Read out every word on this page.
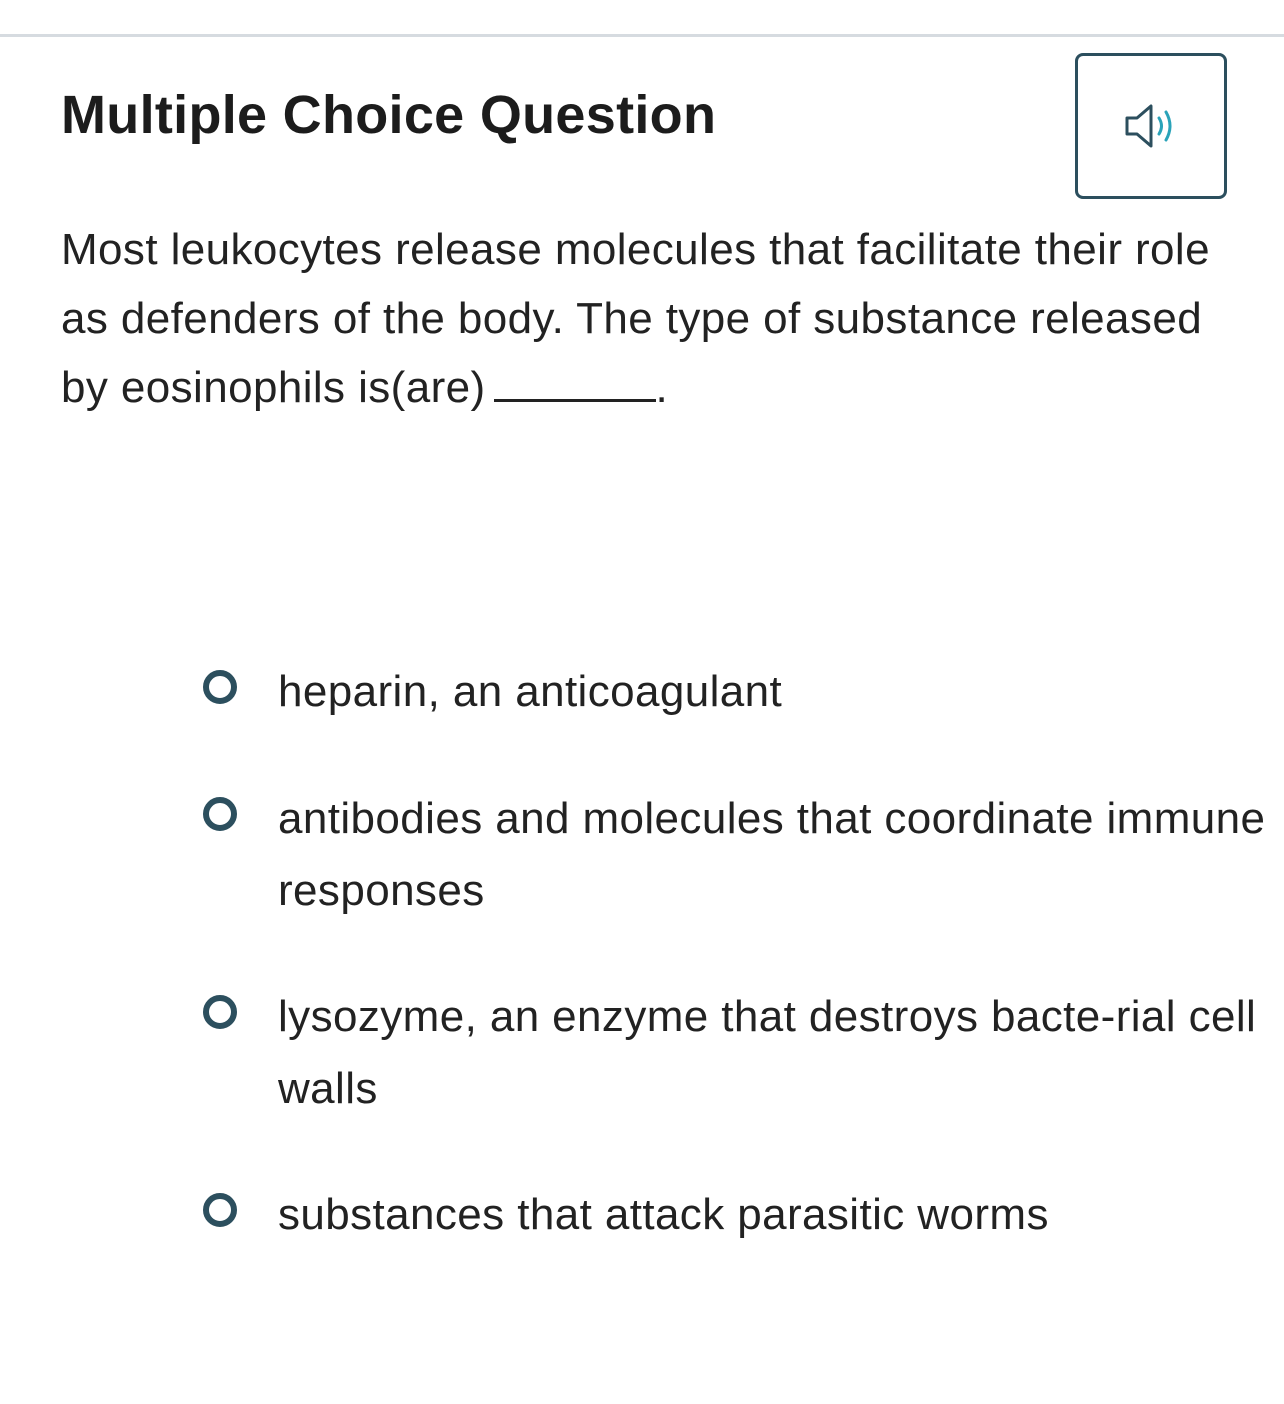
Multiple Choice Question
Most leukocytes release molecules that facilitate their role as defenders of the body. The type of substance released by eosinophils is(are)	.
heparin, an anticoagulant
antibodies and molecules that coordinate immune responses
lysozyme, an enzyme that destroys bacte-rial cell walls
substances that attack parasitic worms
